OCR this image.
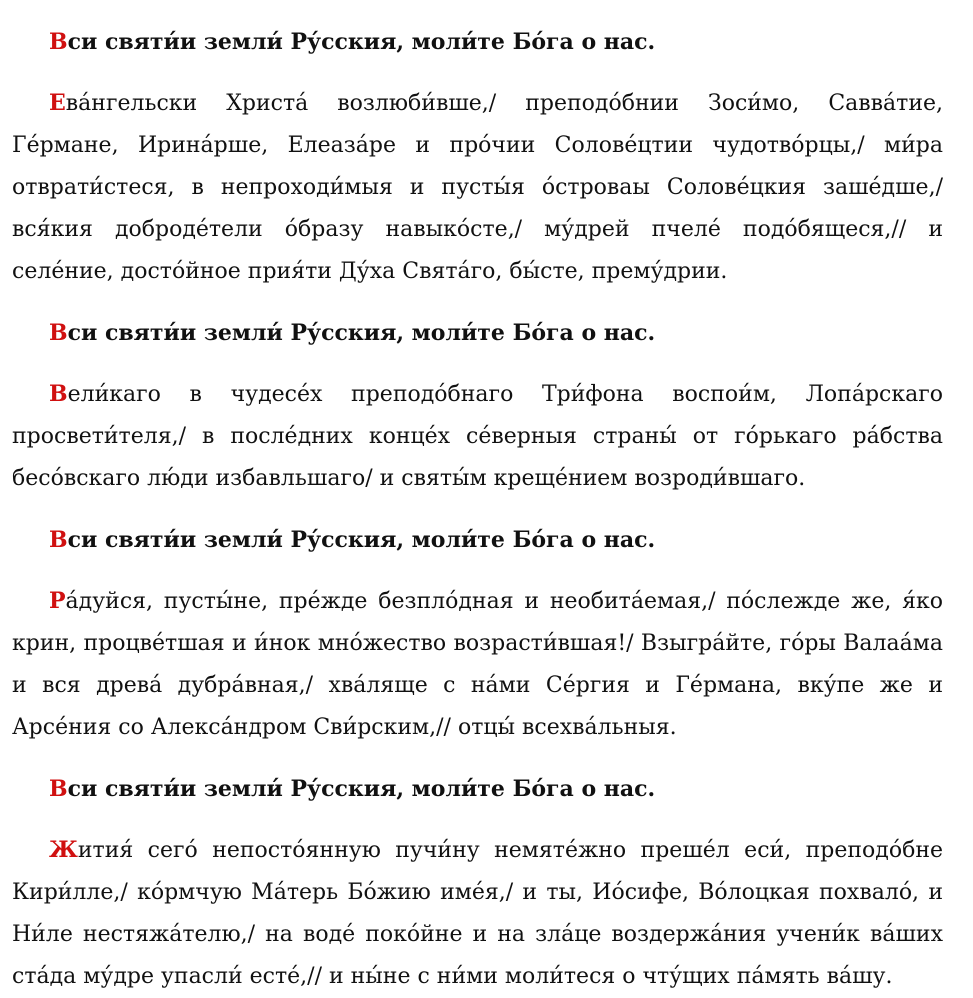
Вси святи́и земли́ Ру́сския, моли́те Бо́га о нас.

Ева́нгельски Христа́ возлюби́вше,/ преподо́бнии Зоси́мо, Савва́тие, Ге́рмане, Ирина́рше, Елеаза́ре и про́чии Солове́цтии чудотво́рцы,/ ми́ра отврати́стеся, в непроходи́мыя и пусты́я о́строваы Солове́цкия заше́дше,/ вся́кия доброде́тели о́бразу навыко́сте,/ му́дрей пчеле́ подо́бящеся,// и селе́ние, досто́йное прия́ти Ду́ха Свята́го, бы́сте, прему́дрии.

Вси святи́и земли́ Ру́сския, моли́те Бо́га о нас.

Вели́каго в чудесе́х преподо́бнаго Три́фона воспои́м, Лопа́рскаго просвети́теля,/ в после́дних конце́х се́верныя страны́ от го́рькаго ра́бства бесо́вскаго лю́ди избавльшаго/ и святы́м креще́нием возроди́вшаго.

Вси святи́и земли́ Ру́сския, моли́те Бо́га о нас.

Ра́дуйся, пусты́не, пре́жде безпло́дная и необита́емая,/ по́слежде же, я́ко крин, процве́тшая и и́нок мно́жество возрасти́вшая!/ Взыгра́йте, го́ры Валаа́ма и вся древа́ дубра́вная,/ хва́ляще с на́ми Се́ргия и Ге́рмана, вку́пе же и Арсе́ния со Алекса́ндром Сви́рским,// отцы́ всехва́льныя.

Вси святи́и земли́ Ру́сския, моли́те Бо́га о нас.

Жития́ сего́ непосто́янную пучи́ну немяте́жно преше́л еси́, преподо́бне Кири́лле,/ ко́рмчую Ма́терь Бо́жию име́я,/ и ты, Ио́сифе, Во́лоцкая похвало́, и Ни́ле нестяжа́телю,/ на воде́ поко́йне и на зла́це воздержа́ния учени́к ва́ших ста́да му́дре упасли́ есте́,// и ны́не с ни́ми моли́теся о чту́щих па́мять ва́шу.
